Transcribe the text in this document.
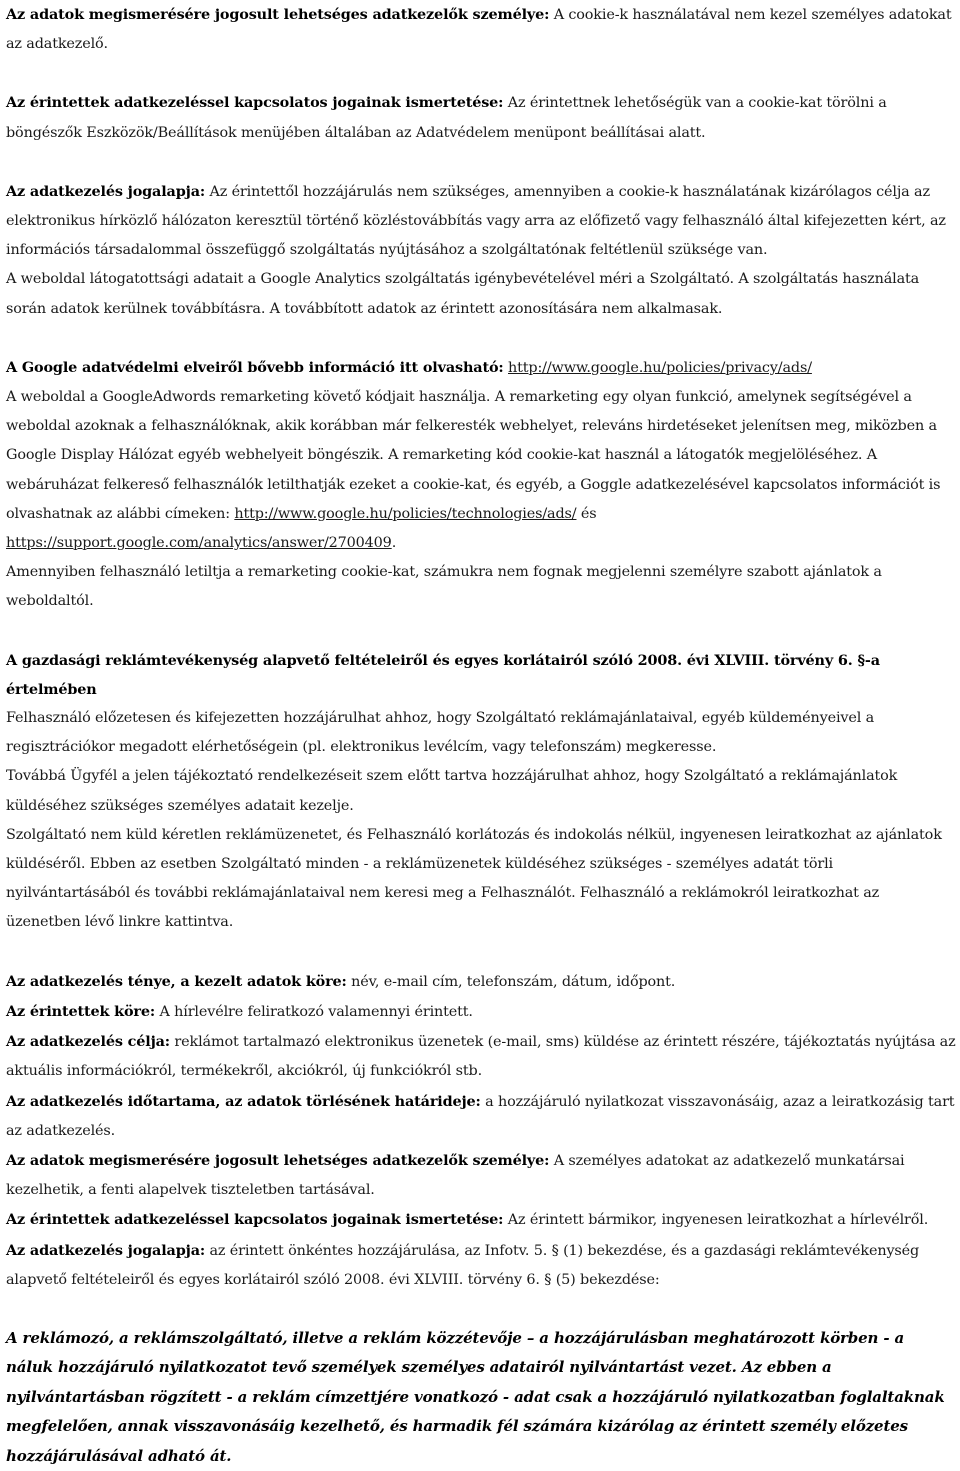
Az adatok megismerésére jogosult lehetséges adatkezelők személye: A cookie-k használatával nem kezel személyes adatokat az adatkezelő.

Az érintettek adatkezeléssel kapcsolatos jogainak ismertetése: Az érintettnek lehetőségük van a cookie-kat törölni a böngészők Eszközök/Beállítások menüjében általában az Adatvédelem menüpont beállításai alatt.

Az adatkezelés jogalapja: Az érintettől hozzájárulás nem szükséges, amennyiben a cookie-k használatának kizárólagos célja az elektronikus hírközlő hálózaton keresztül történő közléstovábbítás vagy arra az előfizető vagy felhasználó által kifejezetten kért, az információs társadalommal összefüggő szolgáltatás nyújtásához a szolgáltatónak feltétlenül szüksége van.

A weboldal látogatottsági adatait a Google Analytics szolgáltatás igénybevételével méri a Szolgáltató. A szolgáltatás használata során adatok kerülnek továbbításra. A továbbított adatok az érintett azonosítására nem alkalmasak.

A Google adatvédelmi elveiről bővebb információ itt olvasható: http://www.google.hu/policies/privacy/ads/

A weboldal a GoogleAdwords remarketing követő kódjait használja. A remarketing egy olyan funkció, amelynek segítségével a weboldal azoknak a felhasználóknak, akik korábban már felkeresték webhelyet, releváns hirdetéseket jelenítsen meg, miközben a Google Display Hálózat egyéb webhelyeit böngészik. A remarketing kód cookie-kat használ a látogatók megjelöléséhez. A webáruházat felkereső felhasználók letilthatják ezeket a cookie-kat, és egyéb, a Goggle adatkezelésével kapcsolatos információt is olvashatnak az alábbi címeken: http://www.google.hu/policies/technologies/ads/ és https://support.google.com/analytics/answer/2700409.

Amennyiben felhasználó letiltja a remarketing cookie-kat, számukra nem fognak megjelenni személyre szabott ajánlatok a weboldaltól.

A gazdasági reklámtevékenység alapvető feltételeiről és egyes korlátairól szóló 2008. évi XLVIII. törvény 6. §-a értelmében

Felhasználó előzetesen és kifejezetten hozzájárulhat ahhoz, hogy Szolgáltató reklámajánlataival, egyéb küldeményeivel a regisztrációkor megadott elérhetőségein (pl. elektronikus levélcím, vagy telefonszám) megkeresse.

Továbbá Ügyfél a jelen tájékoztató rendelkezéseit szem előtt tartva hozzájárulhat ahhoz, hogy Szolgáltató a reklámajánlatok küldéséhez szükséges személyes adatait kezelje.

Szolgáltató nem küld kéretlen reklámüzenetet, és Felhasználó korlátozás és indokolás nélkül, ingyenesen leiratkozhat az ajánlatok küldéséről. Ebben az esetben Szolgáltató minden - a reklámüzenetek küldéséhez szükséges - személyes adatát törli nyilvántartásából és további reklámajánlataival nem keresi meg a Felhasználót. Felhasználó a reklámokról leiratkozhat az üzenetben lévő linkre kattintva.

Az adatkezelés ténye, a kezelt adatok köre: név, e-mail cím, telefonszám, dátum, időpont.

Az érintettek köre: A hírlevélre feliratkozó valamennyi érintett.

Az adatkezelés célja: reklámot tartalmazó elektronikus üzenetek (e-mail, sms) küldése az érintett részére, tájékoztatás nyújtása az aktuális információkról, termékekről, akciókról, új funkciókról stb.

Az adatkezelés időtartama, az adatok törlésének határideje: a hozzájáruló nyilatkozat visszavonásáig, azaz a leiratkozásig tart az adatkezelés.

Az adatok megismerésére jogosult lehetséges adatkezelők személye: A személyes adatokat az adatkezelő munkatársai kezelhetik, a fenti alapelvek tiszteletben tartásával.

Az érintettek adatkezeléssel kapcsolatos jogainak ismertetése: Az érintett bármikor, ingyenesen leiratkozhat a hírlevélről.

Az adatkezelés jogalapja: az érintett önkéntes hozzájárulása, az Infotv. 5. § (1) bekezdése, és a gazdasági reklámtevékenység alapvető feltételeiről és egyes korlátairól szóló 2008. évi XLVIII. törvény 6. § (5) bekezdése:

A reklámozó, a reklámszolgáltató, illetve a reklám közzétevője – a hozzájárulásban meghatározott körben - a náluk hozzájáruló nyilatkozatot tevő személyek személyes adatairól nyilvántartást vezet. Az ebben a nyilvántartásban rögzített - a reklám címzettjére vonatkozó - adat csak a hozzájáruló nyilatkozatban foglaltaknak megfelelően, annak visszavonásáig kezelhető, és harmadik fél számára kizárólag az érintett személy előzetes hozzájárulásával adható át.
